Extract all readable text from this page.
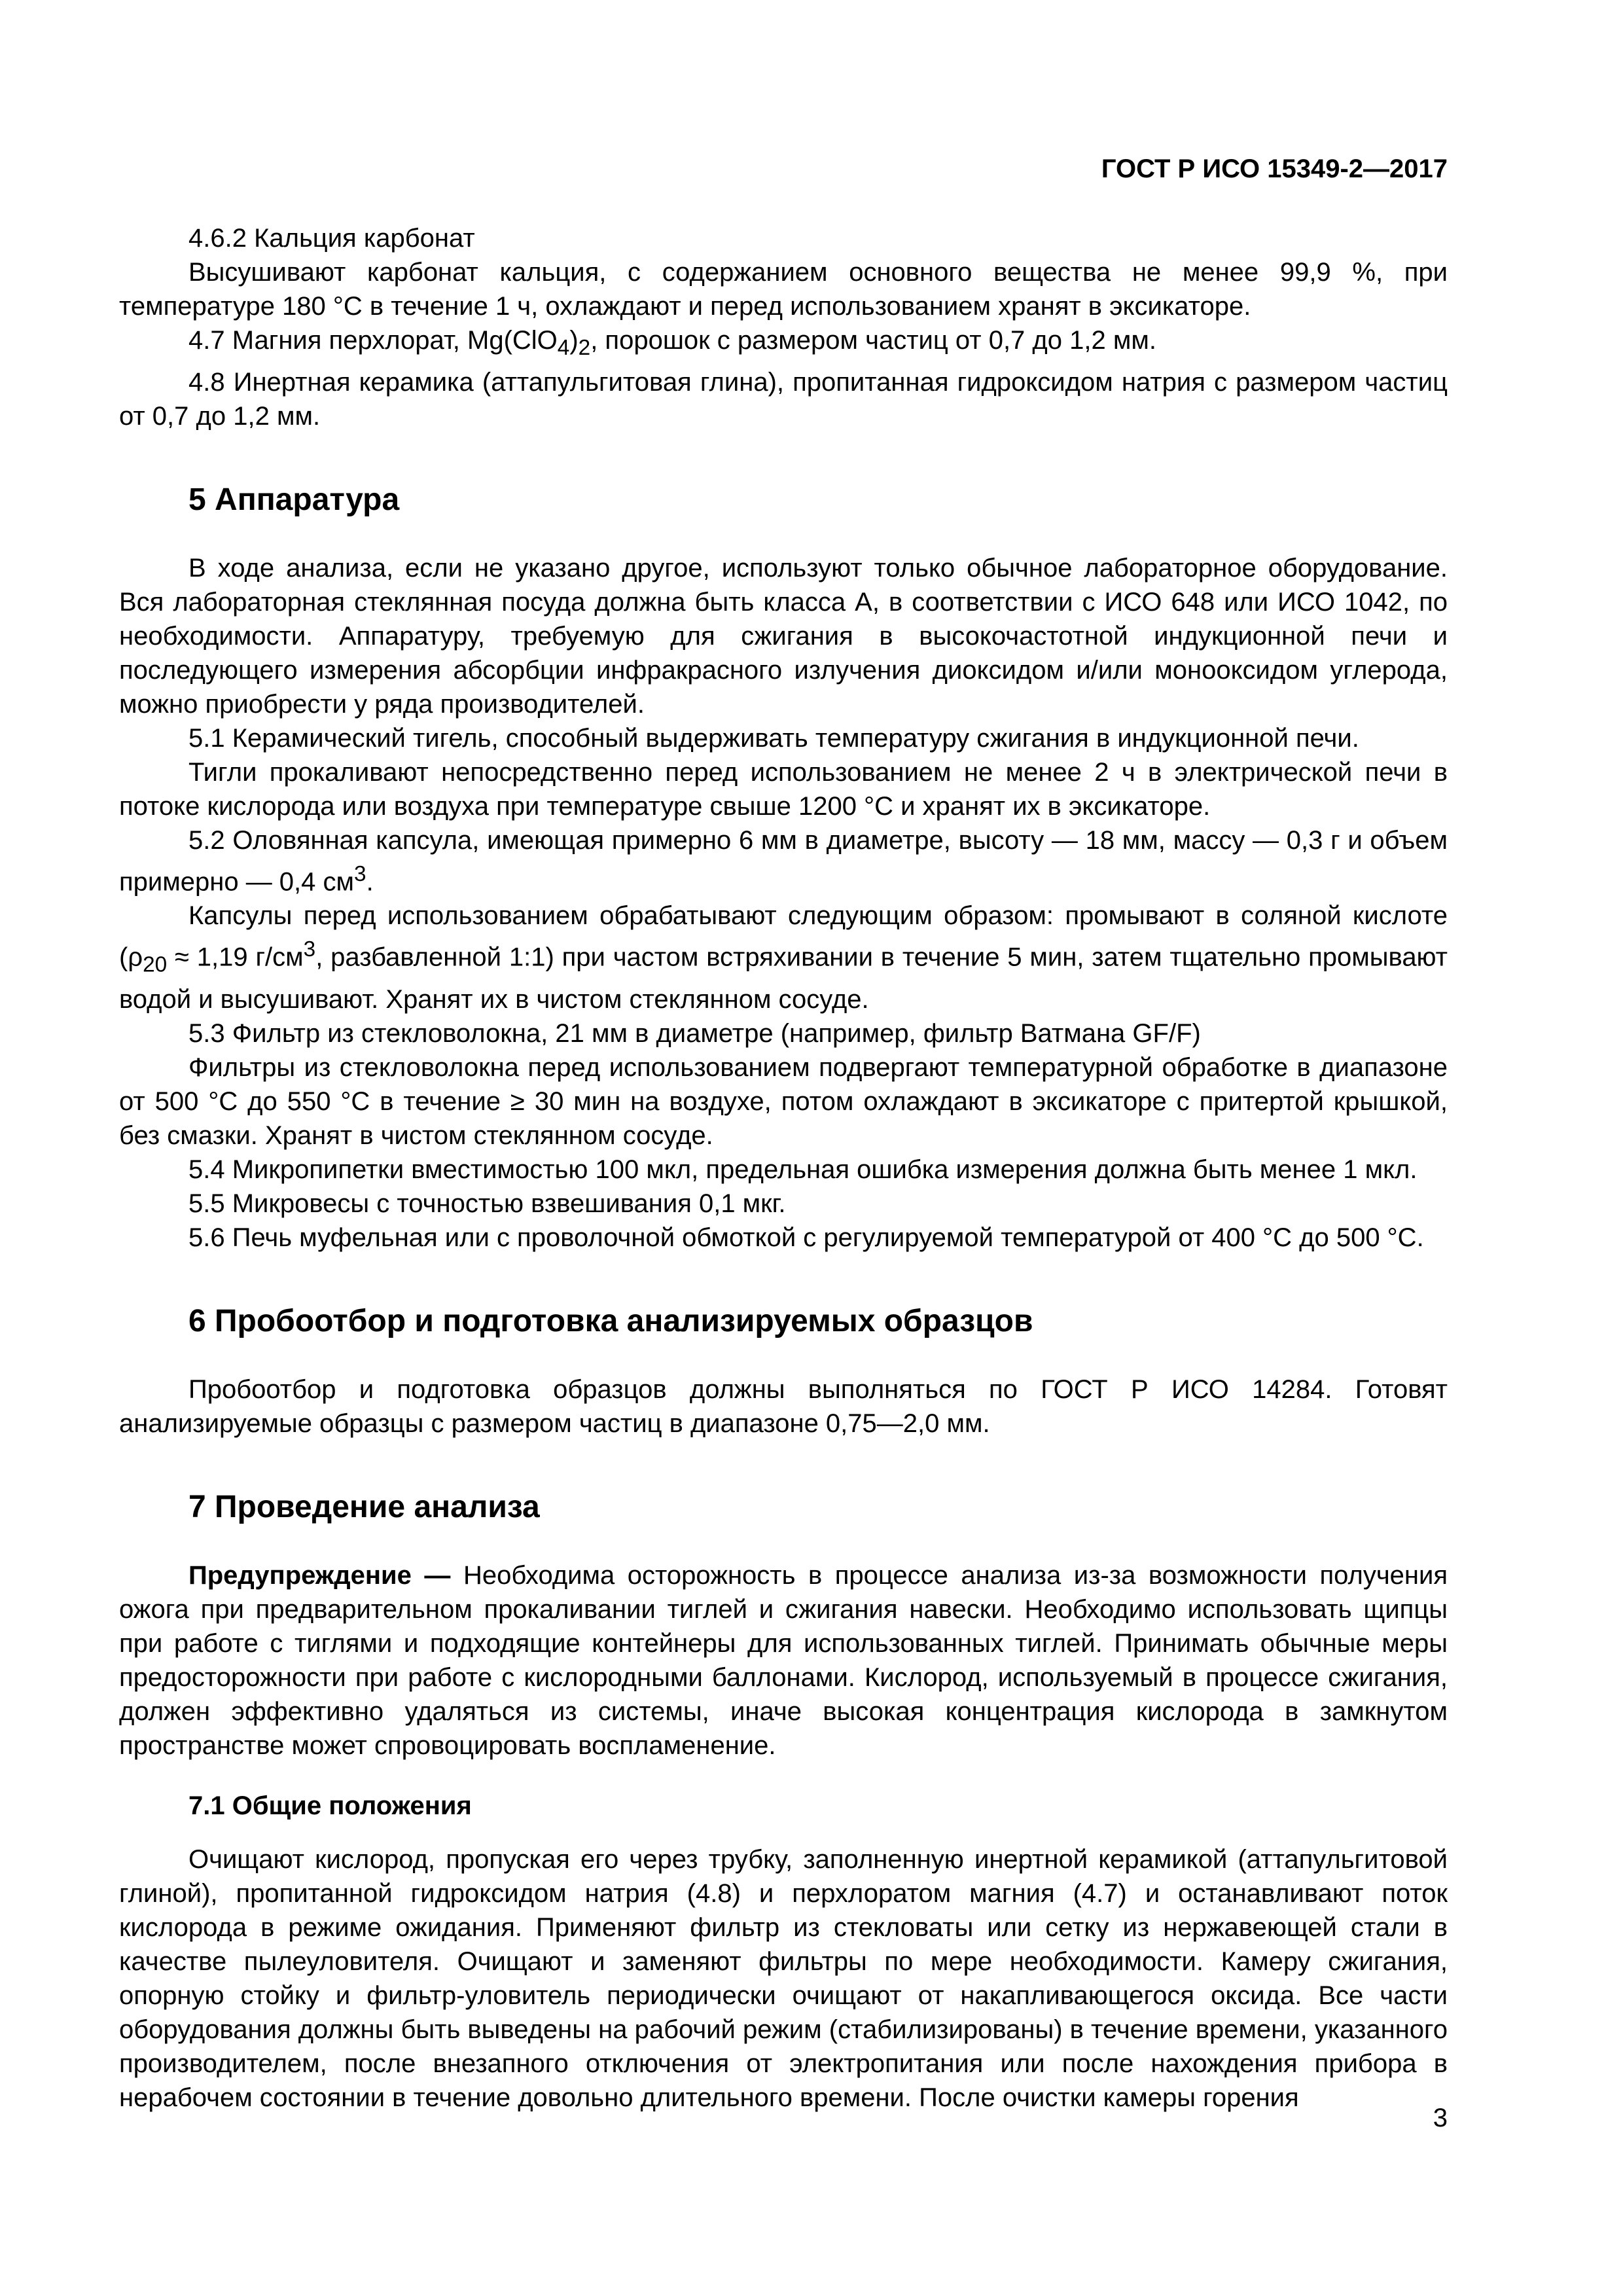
ГОСТ Р ИСО 15349-2—2017

4.6.2 Кальция карбонат

Высушивают карбонат кальция, с содержанием основного вещества не менее 99,9 %, при температуре 180 °С в течение 1 ч, охлаждают и перед использованием хранят в эксикаторе.

4.7 Магния перхлорат, $Mg(ClO_4)_2$, порошок с размером частиц от 0,7 до 1,2 мм.

4.8 Инертная керамика (аттапульгитовая глина), пропитанная гидроксидом натрия с размером частиц от 0,7 до 1,2 мм.

5 Аппаратура

В ходе анализа, если не указано другое, используют только обычное лабораторное оборудование. Вся лабораторная стеклянная посуда должна быть класса А, в соответствии с ИСО 648 или ИСО 1042, по необходимости. Аппаратуру, требуемую для сжигания в высокочастотной индукционной печи и последующего измерения абсорбции инфракрасного излучения диоксидом и/или монооксидом углерода, можно приобрести у ряда производителей.

5.1 Керамический тигель, способный выдерживать температуру сжигания в индукционной печи.

Тигли прокаливают непосредственно перед использованием не менее 2 ч в электрической печи в потоке кислорода или воздуха при температуре свыше 1200 °С и хранят их в эксикаторе.

5.2 Оловянная капсула, имеющая примерно 6 мм в диаметре, высоту — 18 мм, массу — 0,3 г и объем примерно — 0,4 $см^3$.

Капсулы перед использованием обрабатывают следующим образом: промывают в соляной кислоте ($\rho_{20} \approx 1,19$ $г/см^3$, разбавленной 1:1) при частом встряхивании в течение 5 мин, затем тщательно промывают водой и высушивают. Хранят их в чистом стеклянном сосуде.

5.3 Фильтр из стекловолокна, 21 мм в диаметре (например, фильтр Ватмана GF/F)

Фильтры из стекловолокна перед использованием подвергают температурной обработке в диапазоне от 500 °С до 550 °С в течение ≥ 30 мин на воздухе, потом охлаждают в эксикаторе с притертой крышкой, без смазки. Хранят в чистом стеклянном сосуде.

5.4 Микропипетки вместимостью 100 мкл, предельная ошибка измерения должна быть менее 1 мкл.

5.5 Микровесы с точностью взвешивания 0,1 мкг.

5.6 Печь муфельная или с проволочной обмоткой с регулируемой температурой от 400 °С до 500 °С.

6 Пробоотбор и подготовка анализируемых образцов

Пробоотбор и подготовка образцов должны выполняться по ГОСТ Р ИСО 14284. Готовят анализируемые образцы с размером частиц в диапазоне 0,75—2,0 мм.

7 Проведение анализа

Предупреждение — Необходима осторожность в процессе анализа из-за возможности получения ожога при предварительном прокаливании тиглей и сжигания навески. Необходимо использовать щипцы при работе с тиглями и подходящие контейнеры для использованных тиглей. Принимать обычные меры предосторожности при работе с кислородными баллонами. Кислород, используемый в процессе сжигания, должен эффективно удаляться из системы, иначе высокая концентрация кислорода в замкнутом пространстве может спровоцировать воспламенение.

7.1 Общие положения

Очищают кислород, пропуская его через трубку, заполненную инертной керамикой (аттапульгитовой глиной), пропитанной гидроксидом натрия (4.8) и перхлоратом магния (4.7) и останавливают поток кислорода в режиме ожидания. Применяют фильтр из стекловаты или сетку из нержавеющей стали в качестве пылеуловителя. Очищают и заменяют фильтры по мере необходимости. Камеру сжигания, опорную стойку и фильтр-уловитель периодически очищают от накапливающегося оксида. Все части оборудования должны быть выведены на рабочий режим (стабилизированы) в течение времени, указанного производителем, после внезапного отключения от электропитания или после нахождения прибора в нерабочем состоянии в течение довольно длительного времени. После очистки камеры горения

3
